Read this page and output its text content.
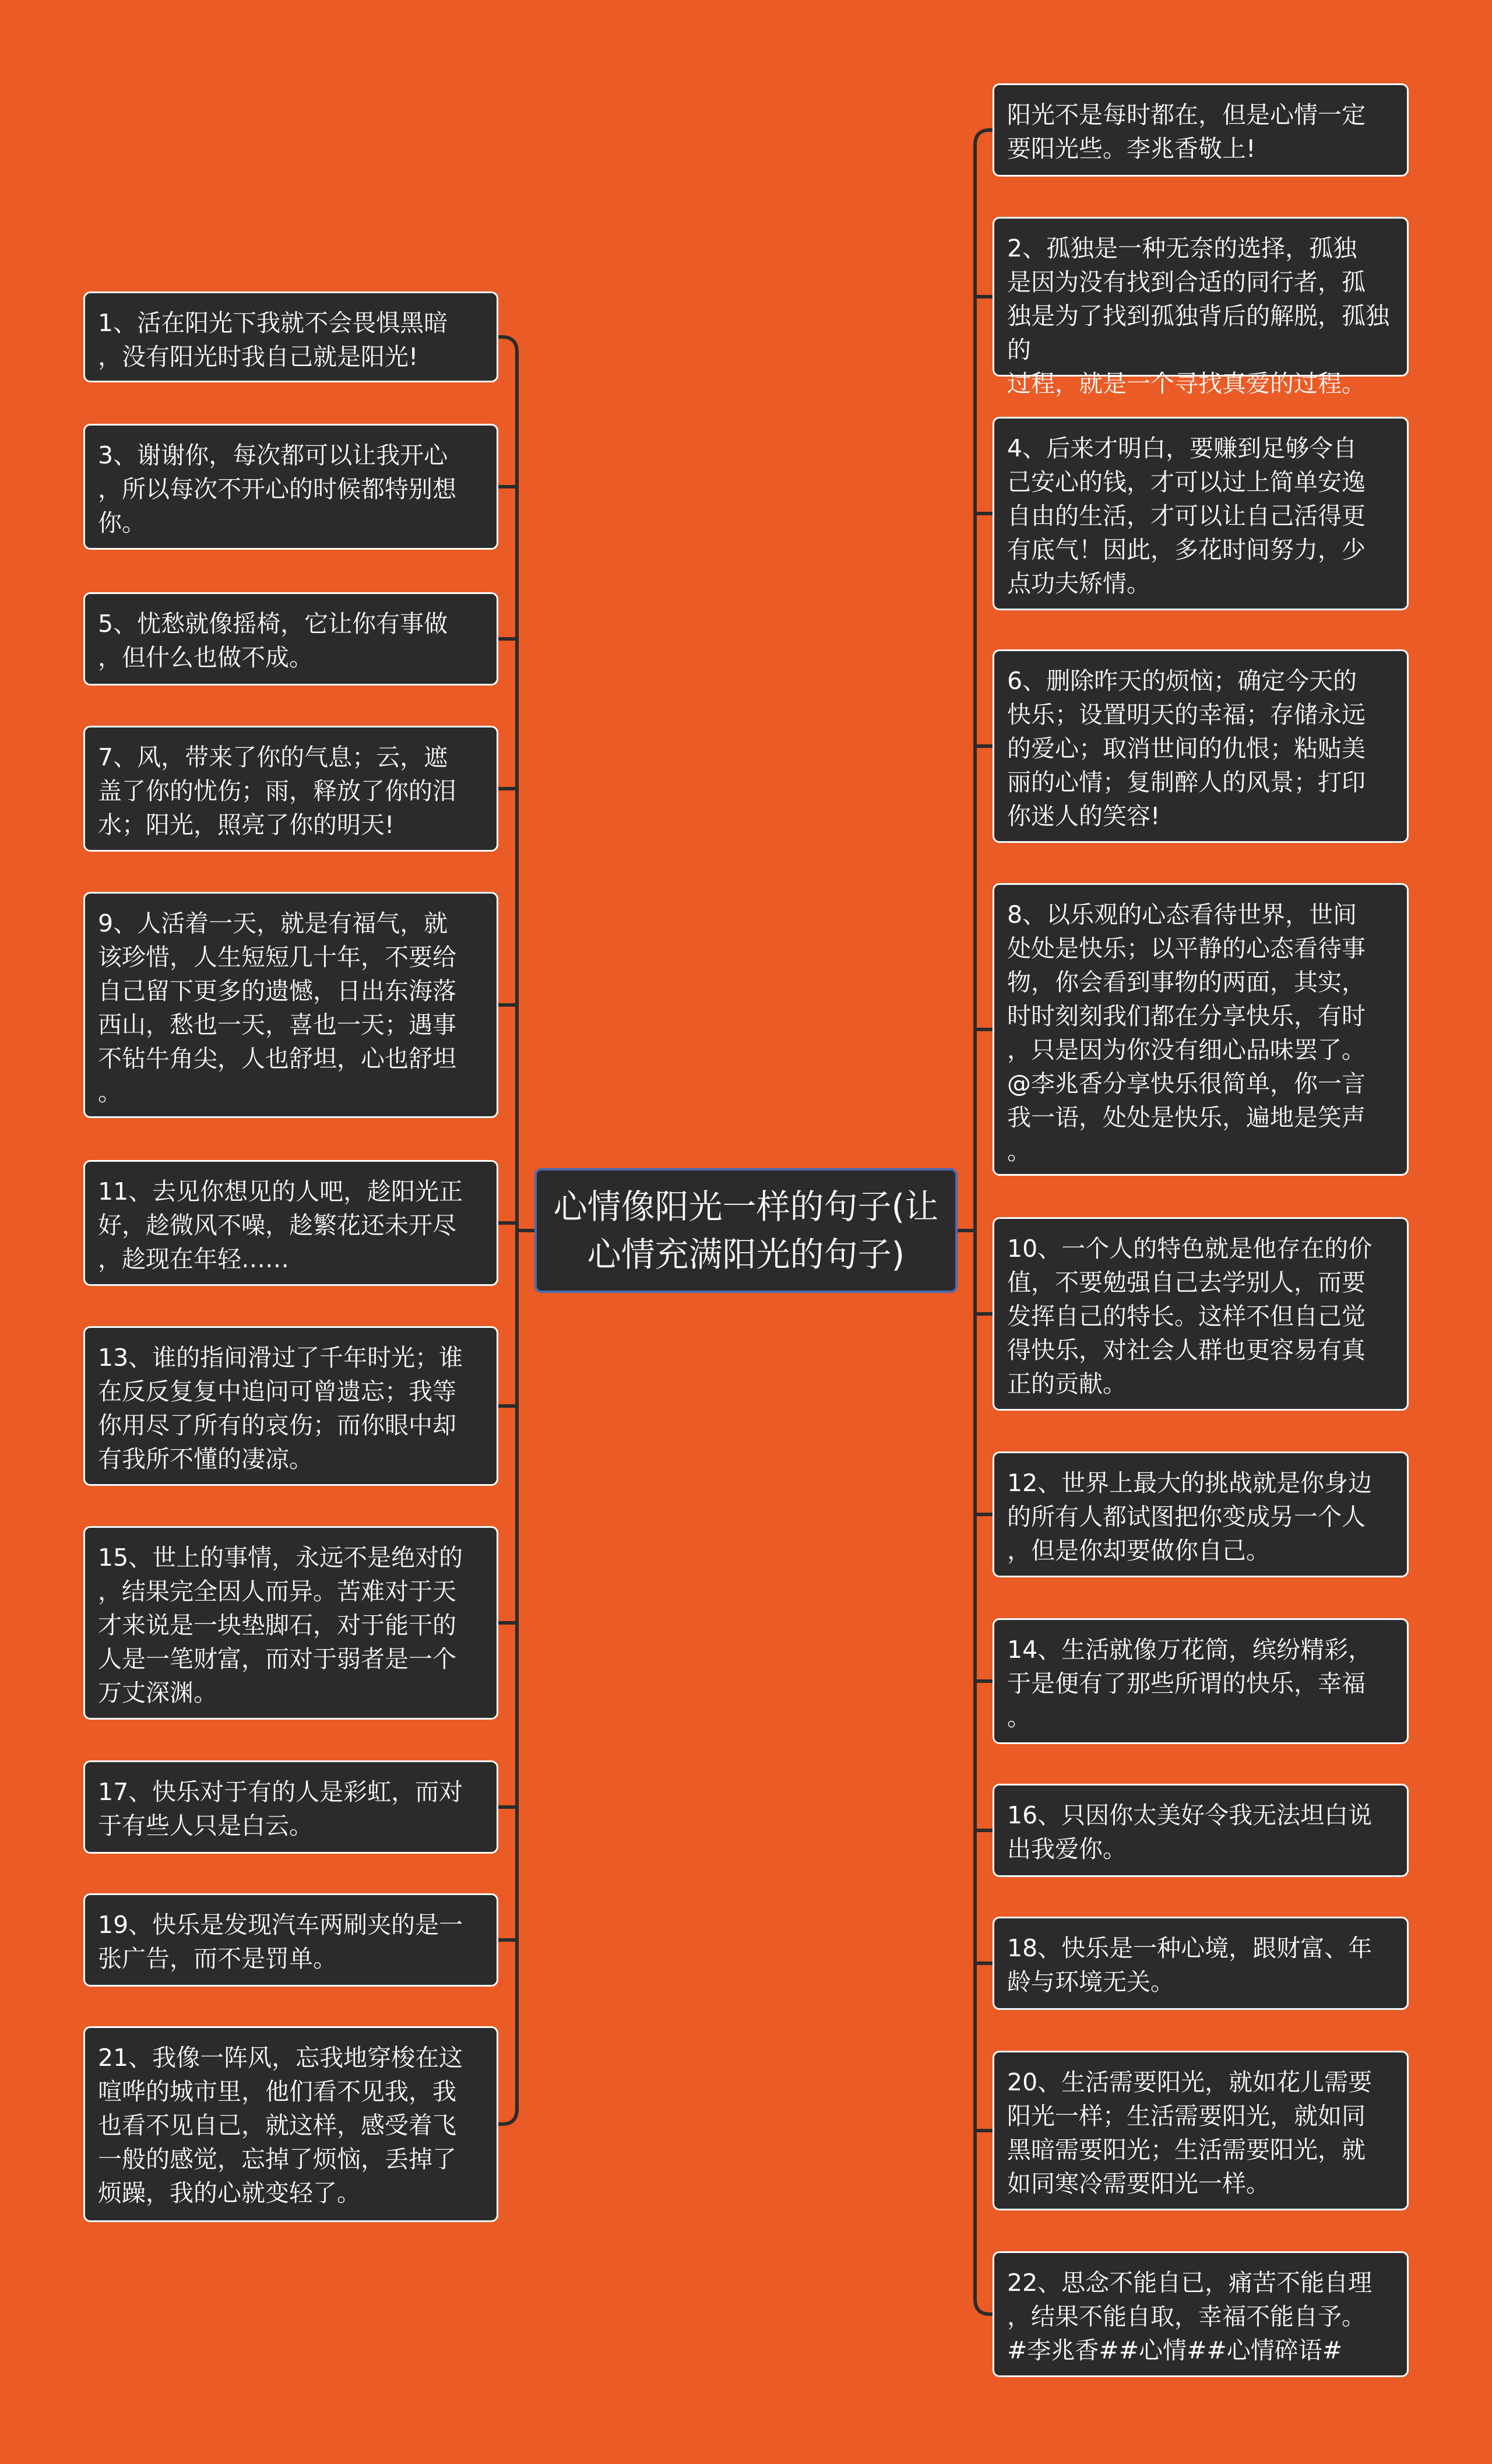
心情像阳光一样的句子(让
心情充满阳光的句子)
1、活在阳光下我就不会畏惧黑暗
，没有阳光时我自己就是阳光!
3、谢谢你，每次都可以让我开心
，所以每次不开心的时候都特别想
你。
5、忧愁就像摇椅，它让你有事做
，但什么也做不成。
7、风，带来了你的气息；云，遮
盖了你的忧伤；雨，释放了你的泪
水；阳光，照亮了你的明天!
9、人活着一天，就是有福气，就
该珍惜，人生短短几十年，不要给
自己留下更多的遗憾，日出东海落
西山，愁也一天，喜也一天；遇事
不钻牛角尖，人也舒坦，心也舒坦
。
11、去见你想见的人吧，趁阳光正
好，趁微风不噪，趁繁花还未开尽
，趁现在年轻……
13、谁的指间滑过了千年时光；谁
在反反复复中追问可曾遗忘；我等
你用尽了所有的哀伤；而你眼中却
有我所不懂的凄凉。
15、世上的事情，永远不是绝对的
，结果完全因人而异。苦难对于天
才来说是一块垫脚石，对于能干的
人是一笔财富，而对于弱者是一个
万丈深渊。
17、快乐对于有的人是彩虹，而对
于有些人只是白云。
19、快乐是发现汽车两刷夹的是一
张广告，而不是罚单。
21、我像一阵风，忘我地穿梭在这
喧哗的城市里，他们看不见我，我
也看不见自己，就这样，感受着飞
一般的感觉，忘掉了烦恼，丢掉了
烦躁，我的心就变轻了。
阳光不是每时都在，但是心情一定
要阳光些。李兆香敬上!
2、孤独是一种无奈的选择，孤独
是因为没有找到合适的同行者，孤
独是为了找到孤独背后的解脱，孤独的
过程，就是一个寻找真爱的过程。
4、后来才明白，要赚到足够令自
己安心的钱，才可以过上简单安逸
自由的生活，才可以让自己活得更
有底气！因此，多花时间努力，少
点功夫矫情。
6、删除昨天的烦恼；确定今天的
快乐；设置明天的幸福；存储永远
的爱心；取消世间的仇恨；粘贴美
丽的心情；复制醉人的风景；打印
你迷人的笑容!
8、以乐观的心态看待世界，世间
处处是快乐；以平静的心态看待事
物，你会看到事物的两面，其实，
时时刻刻我们都在分享快乐，有时
，只是因为你没有细心品味罢了。
@李兆香分享快乐很简单，你一言
我一语，处处是快乐，遍地是笑声
。
10、一个人的特色就是他存在的价
值，不要勉强自己去学别人，而要
发挥自己的特长。这样不但自己觉
得快乐，对社会人群也更容易有真
正的贡献。
12、世界上最大的挑战就是你身边
的所有人都试图把你变成另一个人
，但是你却要做你自己。
14、生活就像万花筒，缤纷精彩，
于是便有了那些所谓的快乐，幸福
。
16、只因你太美好令我无法坦白说
出我爱你。
18、快乐是一种心境，跟财富、年
龄与环境无关。
20、生活需要阳光，就如花儿需要
阳光一样；生活需要阳光，就如同
黑暗需要阳光；生活需要阳光，就
如同寒冷需要阳光一样。
22、思念不能自已，痛苦不能自理
，结果不能自取，幸福不能自予。
#李兆香##心情##心情碎语#
